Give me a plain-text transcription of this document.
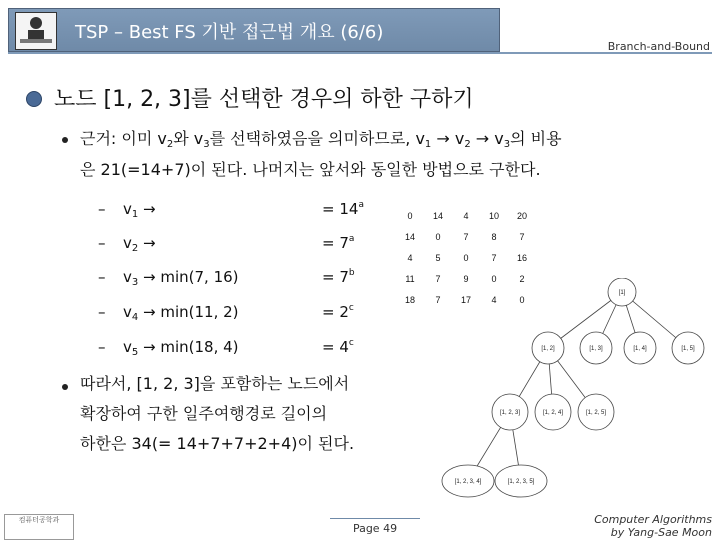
TSP – Best FS 기반 접근법 개요 (6/6)
Branch-and-Bound
노드 [1, 2, 3]를 선택한 경우의 하한 구하기
근거: 이미 $v_2$와 $v_3$를 선택하였음을 의미하므로, $v_1 \to v_2 \to v_3$의 비용
은 21(=14+7)이 된다. 나머지는 앞서와 동일한 방법으로 구한다.
– $v_1$ →	= $14^a$
– $v_2$ →	= $7^a$
– $v_3 \to \min(7$, 16)	= $7^b$
– $v_4 \to \min(11$, 2)	= $2^c$
– $v_5 \to \min(18$, 4)	= $4^c$
0	14	4	10	20
14	0	7	8	7
4	5	0	7	16
11	7	9	0	2
18	7	17	4	0
따라서, [1, 2, 3]을 포함하는 노드에서
확장하여 구한 일주여행경로 길이의
하한은 34(= 14+7+7+2+4)이 된다.
[1]
[1, 2]	[1, 3]	[1, 4]	[1, 5]
[1, 2, 3]	[1, 2, 4]	[1, 2, 5]
[1, 2, 3, 4]	[1, 2, 3, 5]
컴퓨터공학과
Page 49
Computer Algorithms
by Yang-Sae Moon
